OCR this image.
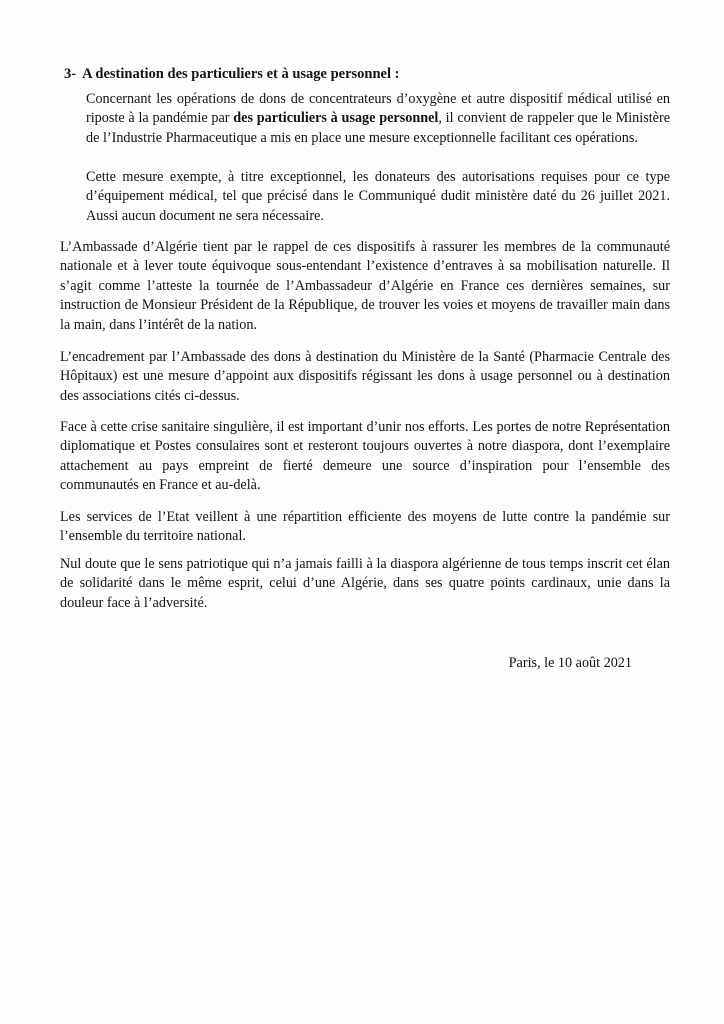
3- A destination des particuliers et à usage personnel :

Concernant les opérations de dons de concentrateurs d’oxygène et autre dispositif médical utilisé en riposte à la pandémie par des particuliers à usage personnel, il convient de rappeler que le Ministère de l’Industrie Pharmaceutique a mis en place une mesure exceptionnelle facilitant ces opérations.

Cette mesure exempte, à titre exceptionnel, les donateurs des autorisations requises pour ce type d’équipement médical, tel que précisé dans le Communiqué dudit ministère daté du 26 juillet 2021. Aussi aucun document ne sera nécessaire.

L’Ambassade d’Algérie tient par le rappel de ces dispositifs à rassurer les membres de la communauté nationale et à lever toute équivoque sous-entendant l’existence d’entraves à sa mobilisation naturelle. Il s’agit comme l’atteste la tournée de l’Ambassadeur d’Algérie en France ces dernières semaines, sur instruction de Monsieur Président de la République, de trouver les voies et moyens de travailler main dans la main, dans l’intérêt de la nation.

L’encadrement par l’Ambassade des dons à destination du Ministère de la Santé (Pharmacie Centrale des Hôpitaux) est une mesure d’appoint aux dispositifs régissant les dons à usage personnel ou à destination des associations cités ci-dessus.

Face à cette crise sanitaire singulière, il est important d’unir nos efforts. Les portes de notre Représentation diplomatique et Postes consulaires sont et resteront toujours ouvertes à notre diaspora, dont l’exemplaire attachement au pays empreint de fierté demeure une source d’inspiration pour l’ensemble des communautés en France et au-delà.

Les services de l’Etat veillent à une répartition efficiente des moyens de lutte contre la pandémie sur l’ensemble du territoire national.

Nul doute que le sens patriotique qui n’a jamais failli à la diaspora algérienne de tous temps inscrit cet élan de solidarité dans le même esprit, celui d’une Algérie, dans ses quatre points cardinaux, unie dans la douleur face à l’adversité.

Paris, le 10 août 2021
